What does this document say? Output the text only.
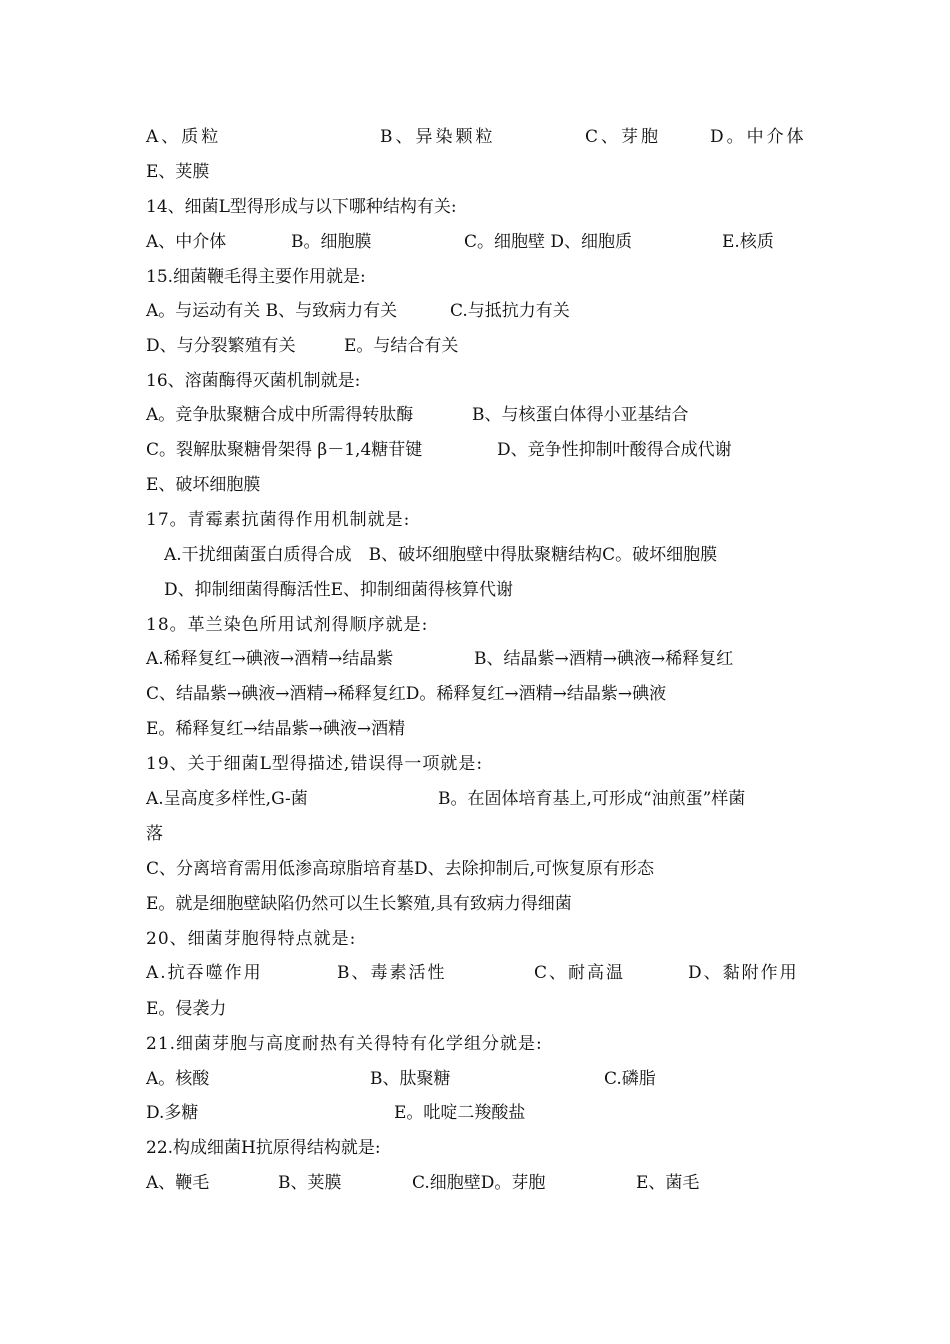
A、质粒	B、异染颗粒	C、芽胞	D。中介体
E、荚膜
14、细菌L型得形成与以下哪种结构有关:
A、中介体	B。细胞膜	C。细胞壁 D、细胞质	E.核质
15.细菌鞭毛得主要作用就是:
A。与运动有关 B、与致病力有关	C.与抵抗力有关
D、与分裂繁殖有关	E。与结合有关
16、溶菌酶得灭菌机制就是:
A。竞争肽聚糖合成中所需得转肽酶	B、与核蛋白体得小亚基结合
C。裂解肽聚糖骨架得 β－1,4糖苷键	D、竞争性抑制叶酸得合成代谢
E、破坏细胞膜
17。青霉素抗菌得作用机制就是:
A.干扰细菌蛋白质得合成　B、破坏细胞壁中得肽聚糖结构C。破坏细胞膜
D、抑制细菌得酶活性E、抑制细菌得核算代谢
18。革兰染色所用试剂得顺序就是:
A.稀释复红→碘液→酒精→结晶紫	B、结晶紫→酒精→碘液→稀释复红
C、结晶紫→碘液→酒精→稀释复红D。稀释复红→酒精→结晶紫→碘液
E。稀释复红→结晶紫→碘液→酒精
19、关于细菌L型得描述,错误得一项就是:
A.呈高度多样性,G-菌	B。在固体培育基上,可形成“油煎蛋”样菌
落
C、分离培育需用低渗高琼脂培育基D、去除抑制后,可恢复原有形态
E。就是细胞壁缺陷仍然可以生长繁殖,具有致病力得细菌
20、细菌芽胞得特点就是:
A.抗吞噬作用	B、毒素活性	C、耐高温	D、黏附作用
E。侵袭力
21.细菌芽胞与高度耐热有关得特有化学组分就是:
A。核酸	B、肽聚糖	C.磷脂
D.多糖	E。吡啶二羧酸盐
22.构成细菌H抗原得结构就是:
A、鞭毛	B、荚膜	C.细胞壁D。芽胞	E、菌毛
